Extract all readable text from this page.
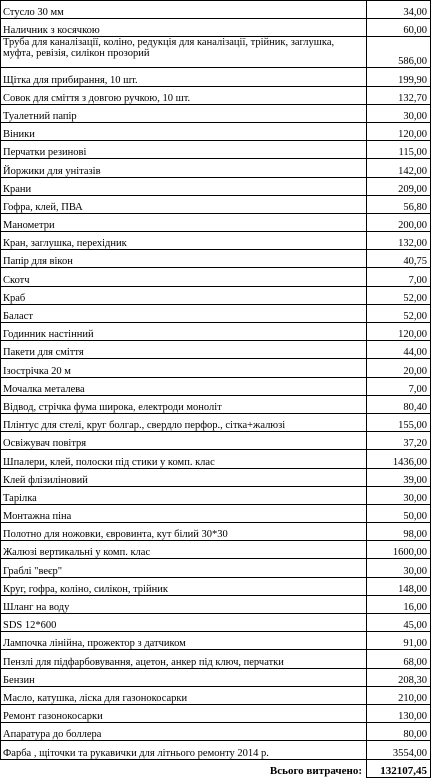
Стусло 30 мм	34,00
Наличник з косячкою	60,00
Труба для каналізації, коліно, редукція для каналізації, трійник, заглушка, муфта, ревізія, силікон прозорий	586,00
Щітка для прибирання, 10 шт.	199,90
Совок для сміття з довгою ручкою, 10 шт.	132,70
Туалетний папір	30,00
Віники	120,00
Перчатки резинові	115,00
Йоржики для унітазів	142,00
Крани	209,00
Гофра, клей, ПВА	56,80
Манометри	200,00
Кран, заглушка, перехідник	132,00
Папір для вікон	40,75
Скотч	7,00
Краб	52,00
Баласт	52,00
Годинник настінний	120,00
Пакети для сміття	44,00
Ізострічка 20 м	20,00
Мочалка металева	7,00
Відвод, стрічка фума широка, електроди монолiт	80,40
Плінтус для стелі, круг болгар., свердло перфор., сітка+жалюзі	155,00
Освіжувач повітря	37,20
Шпалери, клей, полоски під стики у комп. клас	1436,00
Клей флізиліновий	39,00
Тарілка	30,00
Монтажна піна	50,00
Полотно для ножовки, євровинта, кут білий 30*30	98,00
Жалюзі вертикальні у комп. клас	1600,00
Граблі "веєр"	30,00
Круг, гофра, коліно, силікон, трійник	148,00
Шланг на воду	16,00
SDS 12*600	45,00
Лампочка лінійна, прожектор з датчиком	91,00
Пензлі для підфарбовування, ацетон, анкер під ключ, перчатки	68,00
Бензин	208,30
Масло, катушка, ліска для газонокосарки	210,00
Ремонт газонокосарки	130,00
Апаратура до боллера	80,00
Фарба , щіточки та рукавички для літнього ремонту 2014 р.	3554,00
Всього витрачено:	132107,45
